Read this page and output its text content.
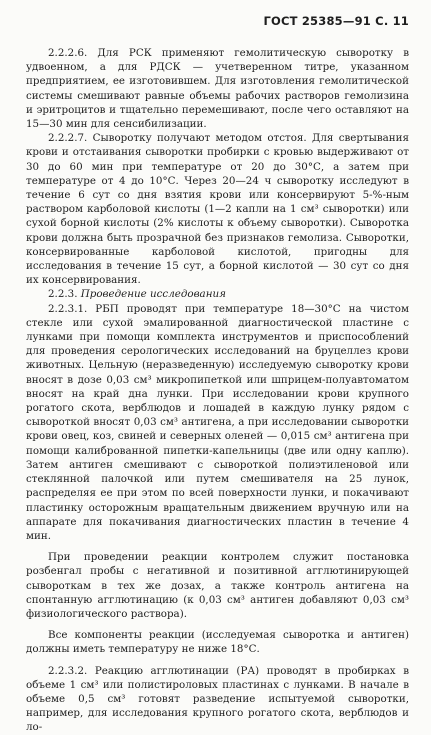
ГОСТ 25385—91 С. 11

2.2.2.6. Для РСК применяют гемолитическую сыворотку в удвоенном, а для РДСК — учетверенном титре, указанном предприятием, ее изготовившем. Для изготовления гемолитической системы смешивают равные объемы рабочих растворов гемолизина и эритроцитов и тщательно перемешивают, после чего оставляют на 15—30 мин для сенсибилизации.

2.2.2.7. Сыворотку получают методом отстоя. Для свертывания крови и отстаивания сыворотки пробирки с кровью выдерживают от 30 до 60 мин при температуре от 20 до 30°С, а затем при температуре от 4 до 10°С. Через 20—24 ч сыворотку исследуют в течение 6 сут со дня взятия крови или консервируют 5-%-ным раствором карболовой кислоты (1—2 капли на 1 см³ сыворотки) или сухой борной кислоты (2% кислоты к объему сыворотки). Сыворотка крови должна быть прозрачной без признаков гемолиза. Сыворотки, консервированные карболовой кислотой, пригодны для исследования в течение 15 сут, а борной кислотой — 30 сут со дня их консервирования.

2.2.3. Проведение исследования

2.2.3.1. РБП проводят при температуре 18—30°С на чистом стекле или сухой эмалированной диагностической пластине с лунками при помощи комплекта инструментов и приспособлений для проведения серологических исследований на бруцеллез крови животных. Цельную (неразведенную) исследуемую сыворотку крови вносят в дозе 0,03 см³ микропипеткой или шприцем-полуавтоматом вносят на край дна лунки. При исследовании крови крупного рогатого скота, верблюдов и лошадей в каждую лунку рядом с сывороткой вносят 0,03 см³ антигена, а при исследовании сыворотки крови овец, коз, свиней и северных оленей — 0,015 см³ антигена при помощи калиброванной пипетки-капельницы (две или одну каплю). Затем антиген смешивают с сывороткой полиэтиленовой или стеклянной палочкой или путем смешивателя на 25 лунок, распределяя ее при этом по всей поверхности лунки, и покачивают пластинку осторожным вращательным движением вручную или на аппарате для покачивания диагностических пластин в течение 4 мин.

При проведении реакции контролем служит постановка розбенгал пробы с негативной и позитивной агглютинирующей сывороткам в тех же дозах, а также контроль антигена на спонтанную агглютинацию (к 0,03 см³ антиген добавляют 0,03 см³ физиологического раствора).

Все компоненты реакции (исследуемая сыворотка и антиген) должны иметь температуру не ниже 18°С.

2.2.3.2. Реакцию агглютинации (РА) проводят в пробирках в объеме 1 см³ или полистироловых пластинах с лунками. В начале в объеме 0,5 см³ готовят разведение испытуемой сыворотки, например, для исследования крупного рогатого скота, верблюдов и ло-
